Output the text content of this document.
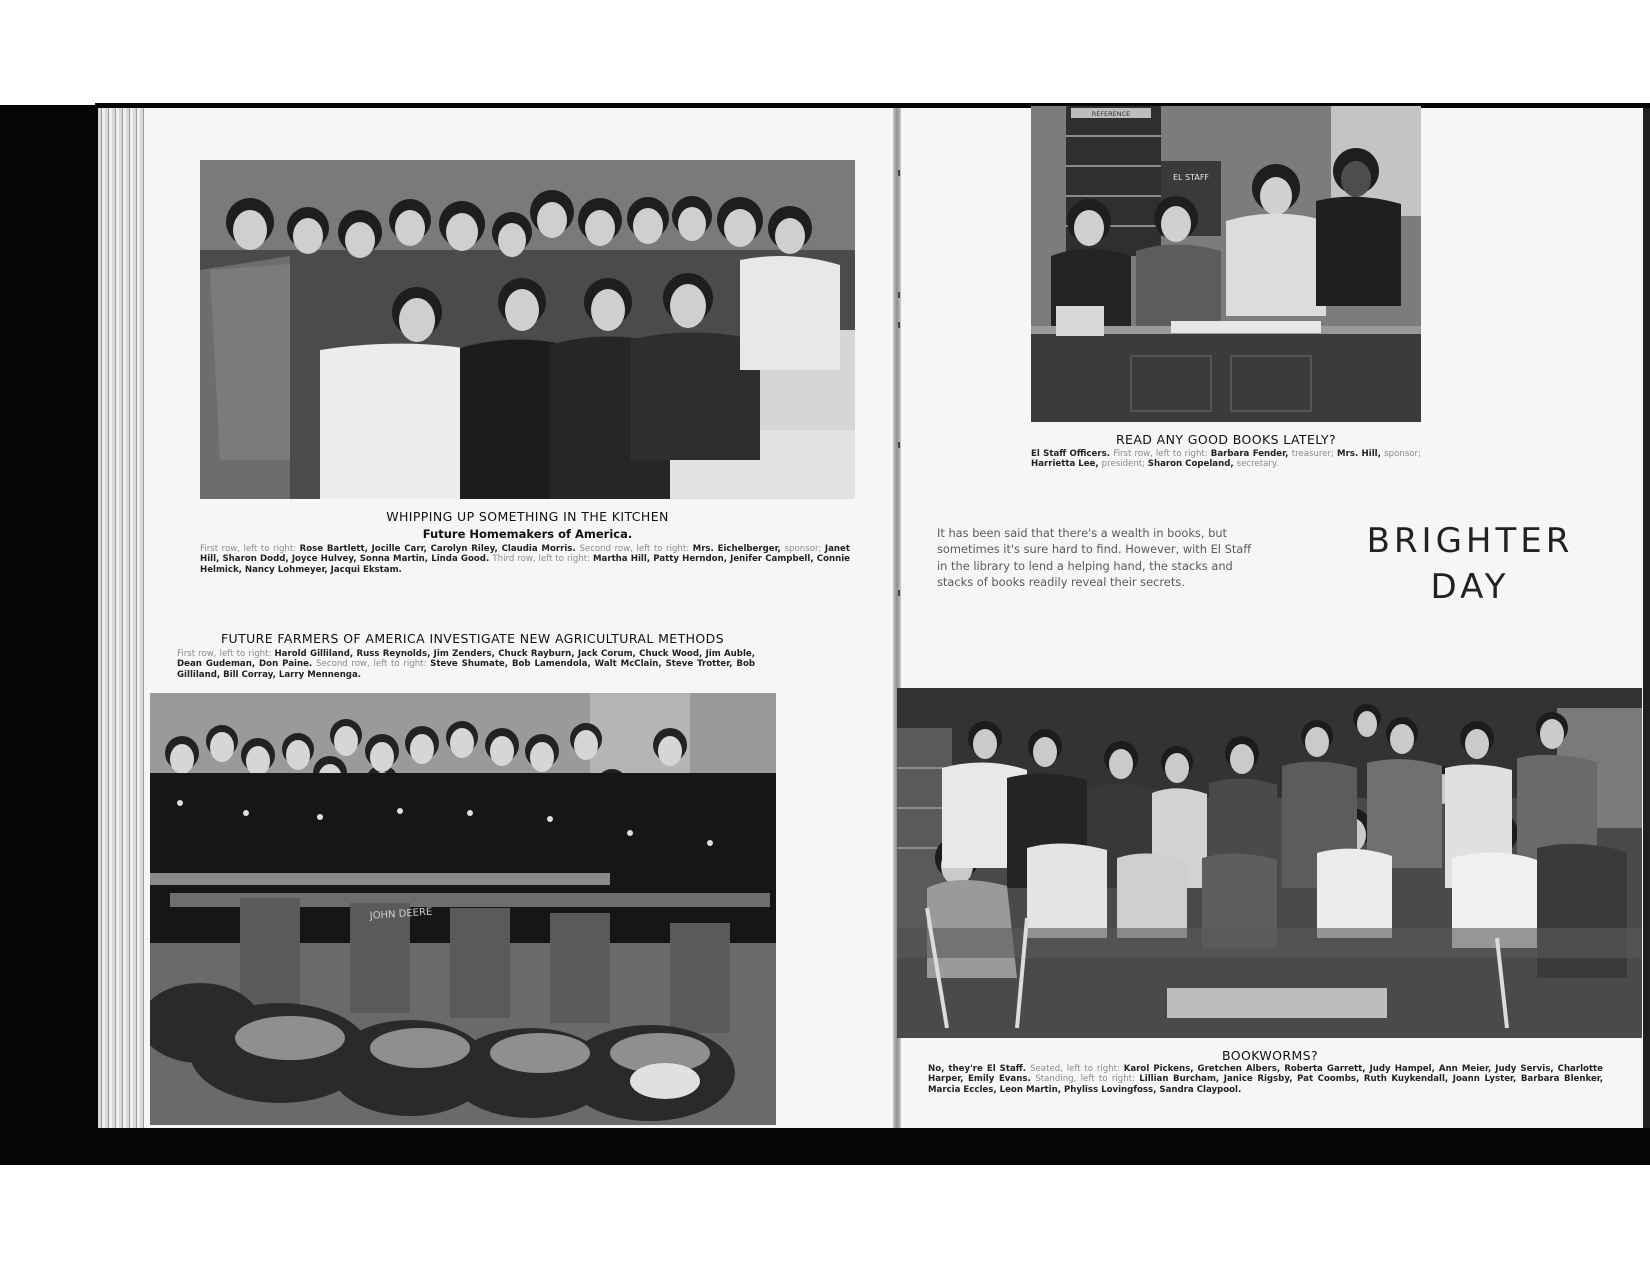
WHIPPING UP SOMETHING IN THE KITCHEN
Future Homemakers of America.
First row, left to right: Rose Bartlett, Jocille Carr, Carolyn Riley, Claudia Morris. Second row, left to right: Mrs. Eichelberger, sponsor; Janet Hill, Sharon Dodd, Joyce Hulvey, Sonna Martin, Linda Good. Third row, left to right: Martha Hill, Patty Herndon, Jenifer Campbell, Connie Helmick, Nancy Lohmeyer, Jacqui Ekstam.
FUTURE FARMERS OF AMERICA INVESTIGATE NEW AGRICULTURAL METHODS
First row, left to right: Harold Gilliland, Russ Reynolds, Jim Zenders, Chuck Rayburn, Jack Corum, Chuck Wood, Jim Auble, Dean Gudeman, Don Paine. Second row, left to right: Steve Shumate, Bob Lamendola, Walt McClain, Steve Trotter, Bob Gilliland, Bill Corray, Larry Mennenga.
JOHN DEERE
REFERENCE
EL STAFF
READ ANY GOOD BOOKS LATELY?
El Staff Officers. First row, left to right: Barbara Fender, treasurer; Mrs. Hill, sponsor; Harrietta Lee, president; Sharon Copeland, secretary.
It has been said that there's a wealth in books, but sometimes it's sure hard to find. However, with El Staff in the library to lend a helping hand, the stacks and stacks of books readily reveal their secrets.
BRIGHTER
DAY
BOOKWORMS?
No, they're El Staff. Seated, left to right: Karol Pickens, Gretchen Albers, Roberta Garrett, Judy Hampel, Ann Meier, Judy Servis, Charlotte Harper, Emily Evans. Standing, left to right: Lillian Burcham, Janice Rigsby, Pat Coombs, Ruth Kuykendall, Joann Lyster, Barbara Blenker, Marcia Eccles, Leon Martin, Phyliss Lovingfoss, Sandra Claypool.
